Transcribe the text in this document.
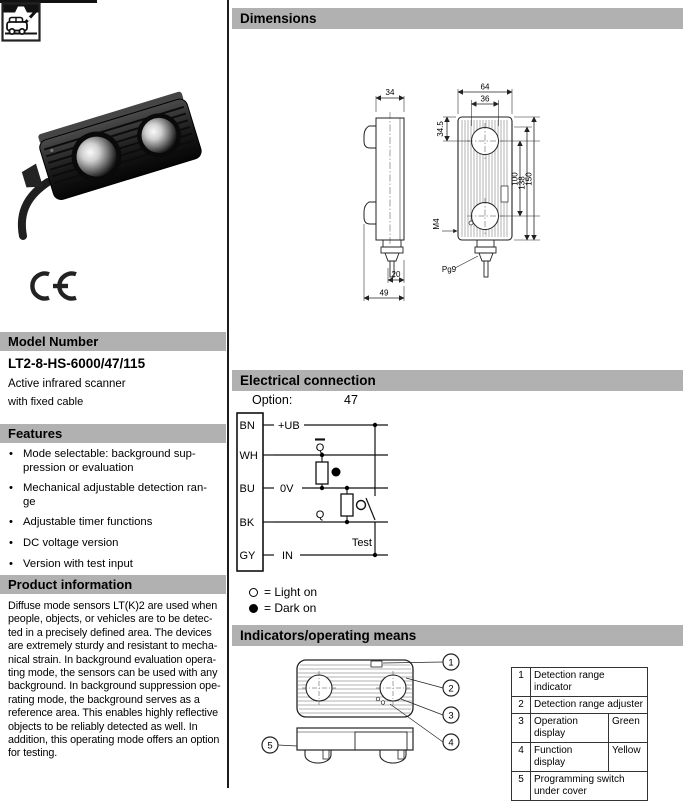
Model Number
LT2-8-HS-6000/47/115
Active infrared scanner
with fixed cable
Features
• Mode selectable: background sup-
pression or evaluation
• Mechanical adjustable detection ran-
ge
• Adjustable timer functions
• DC voltage version
• Version with test input
Product information
Diffuse mode sensors LT(K)2 are used when
people, objects, or vehicles are to be detec-
ted in a precisely defined area. The devices
are extremely sturdy and resistant to mecha-
nical strain. In background evaluation opera-
ting mode, the sensors can be used with any
background. In background suppression ope-
rating mode, the background serves as a
reference area. This enables highly reflective
objects to be reliably detected as well. In
addition, this operating mode offers an option
for testing.
Dimensions
34
20
49
64
36
34.5
100
138
150
M4
Pg9
Electrical connection
Option:	47
BN
WH
BU
BK
GY
+UB
0V
IN
Q
Q
Test
= Light on
= Dark on
Indicators/operating means
1
2
3
4
5
1	Detection range indicator	
2	Detection range adjuster	
3	Operation display	Green
4	Function display	Yellow
5	Programming switch
under cover	
